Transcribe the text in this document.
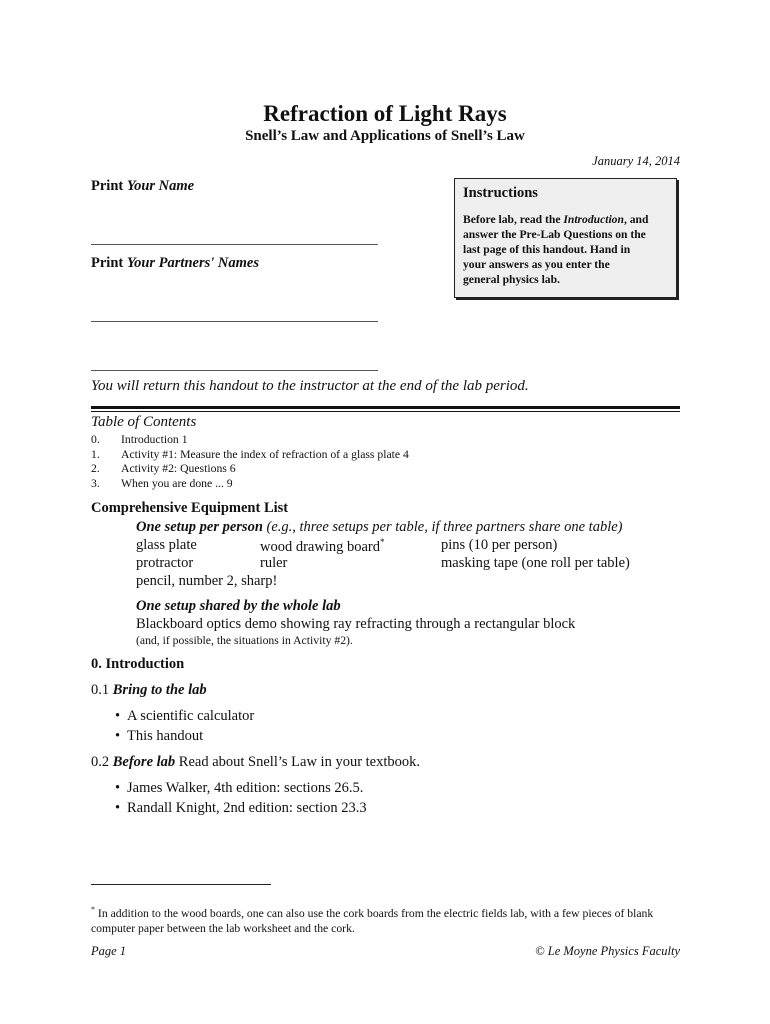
Refraction of Light Rays
Snell’s Law and Applications of Snell’s Law
January 14, 2014
Print Your Name
Print Your Partners' Names
Instructions
Before lab, read the Introduction, and
answer the Pre-Lab Questions on the
last page of this handout. Hand in
your answers as you enter the
general physics lab.
You will return this handout to the instructor at the end of the lab period.
Table of Contents
0.	Introduction 1
1.	Activity #1: Measure the index of refraction of a glass plate 4
2.	Activity #2: Questions 6
3.	When you are done ... 9
Comprehensive Equipment List
One setup per person (e.g., three setups per table, if three partners share one table)
glass plate	wood drawing board*	pins (10 per person)
protractor	ruler	masking tape (one roll per table)
pencil, number 2, sharp!
One setup shared by the whole lab
Blackboard optics demo showing ray refracting through a rectangular block
(and, if possible, the situations in Activity #2).
0. Introduction
0.1 Bring to the lab
• A scientific calculator
• This handout
0.2 Before lab Read about Snell’s Law in your textbook.
• James Walker, 4th edition: sections 26.5.
• Randall Knight, 2nd edition: section 23.3
* In addition to the wood boards, one can also use the cork boards from the electric fields lab, with a few pieces of blank computer paper between the lab worksheet and the cork.
Page 1	© Le Moyne Physics Faculty
